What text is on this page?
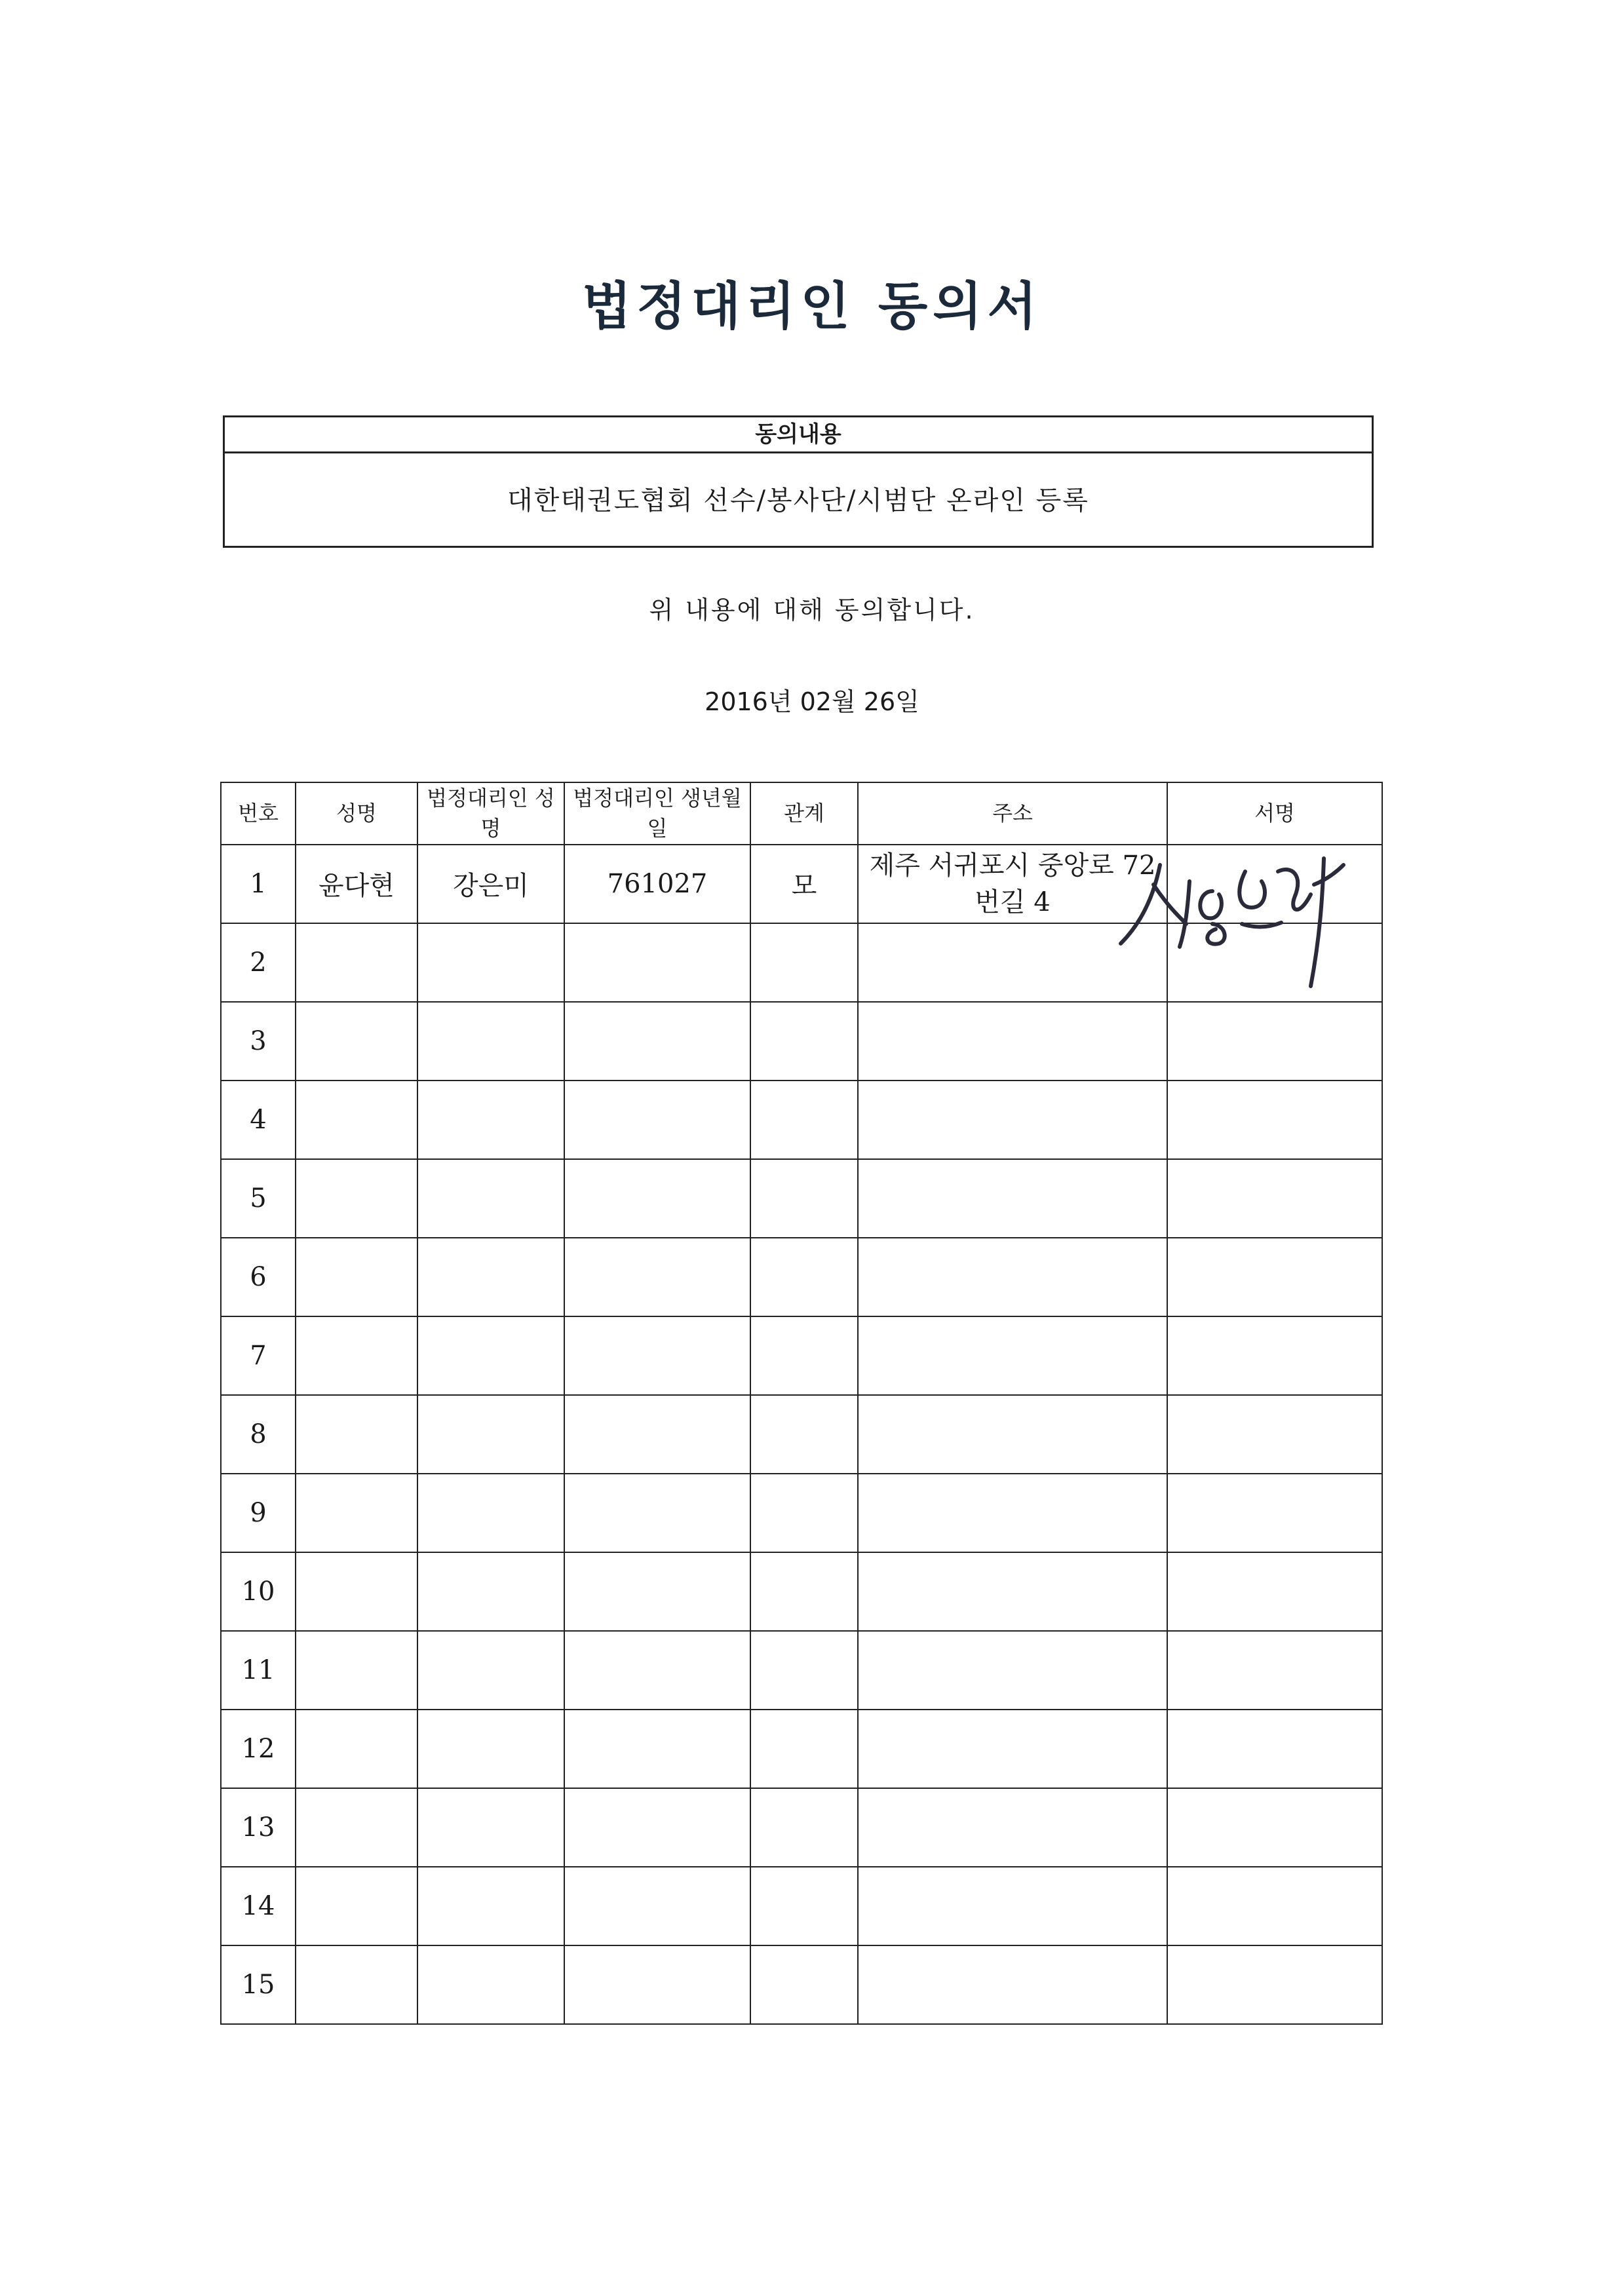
법정대리인 동의서
동의내용
대한태권도협회 선수/봉사단/시범단 온라인 등록
위 내용에 대해 동의합니다.
2016년 02월 26일
번호	성명	법정대리인 성명	법정대리인 생년월일	관계	주소	서명
1	윤다현	강은미	761027	모	제주 서귀포시 중앙로 72번길 4	
2						
3						
4						
5						
6						
7						
8						
9						
10						
11						
12						
13						
14						
15						
